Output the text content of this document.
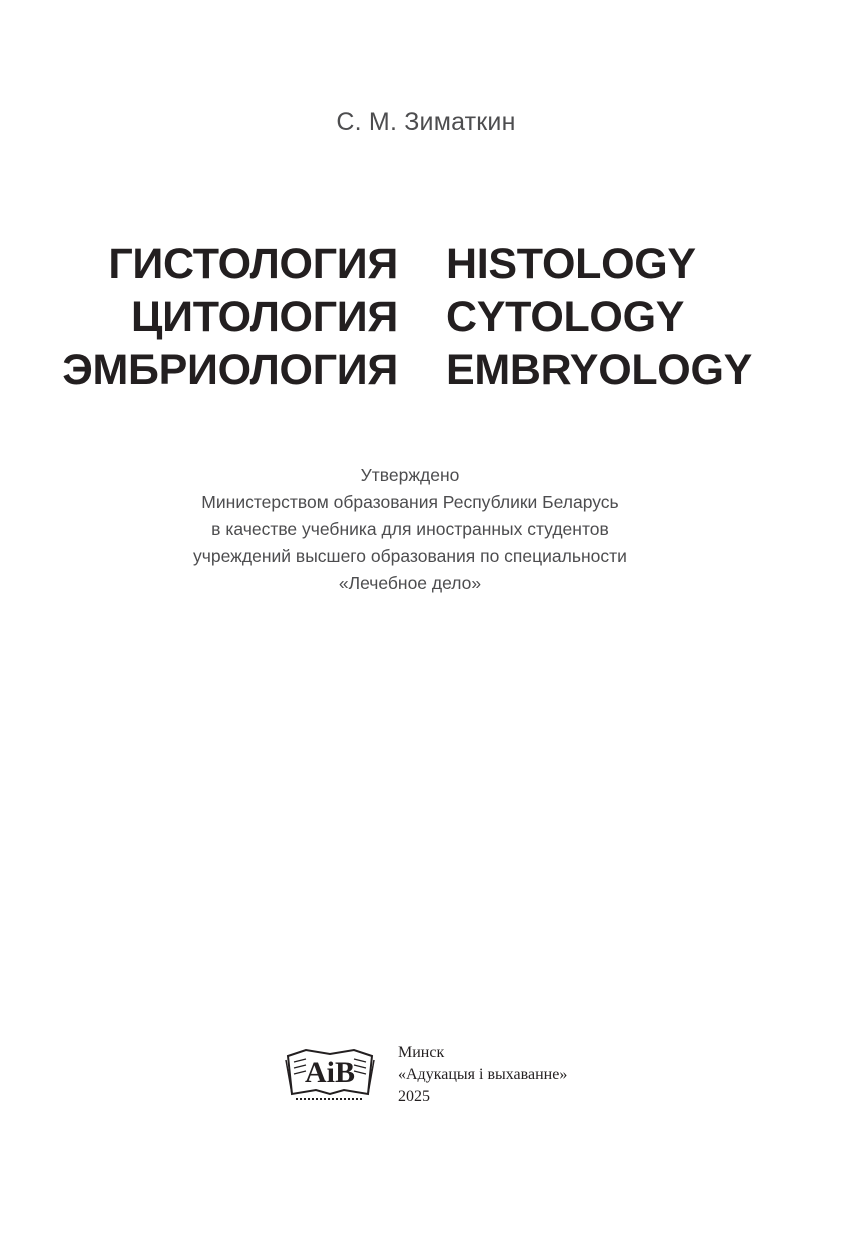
С. М. Зиматкин
ГИСТОЛОГИЯ
ЦИТОЛОГИЯ
ЭМБРИОЛОГИЯ
HISTOLOGY
CYTOLOGY
EMBRYOLOGY
Утверждено
Министерством образования Республики Беларусь
в качестве учебника для иностранных студентов
учреждений высшего образования по специальности
«Лечебное дело»
AiB
Минск
«Адукацыя і выхаванне»
2025
